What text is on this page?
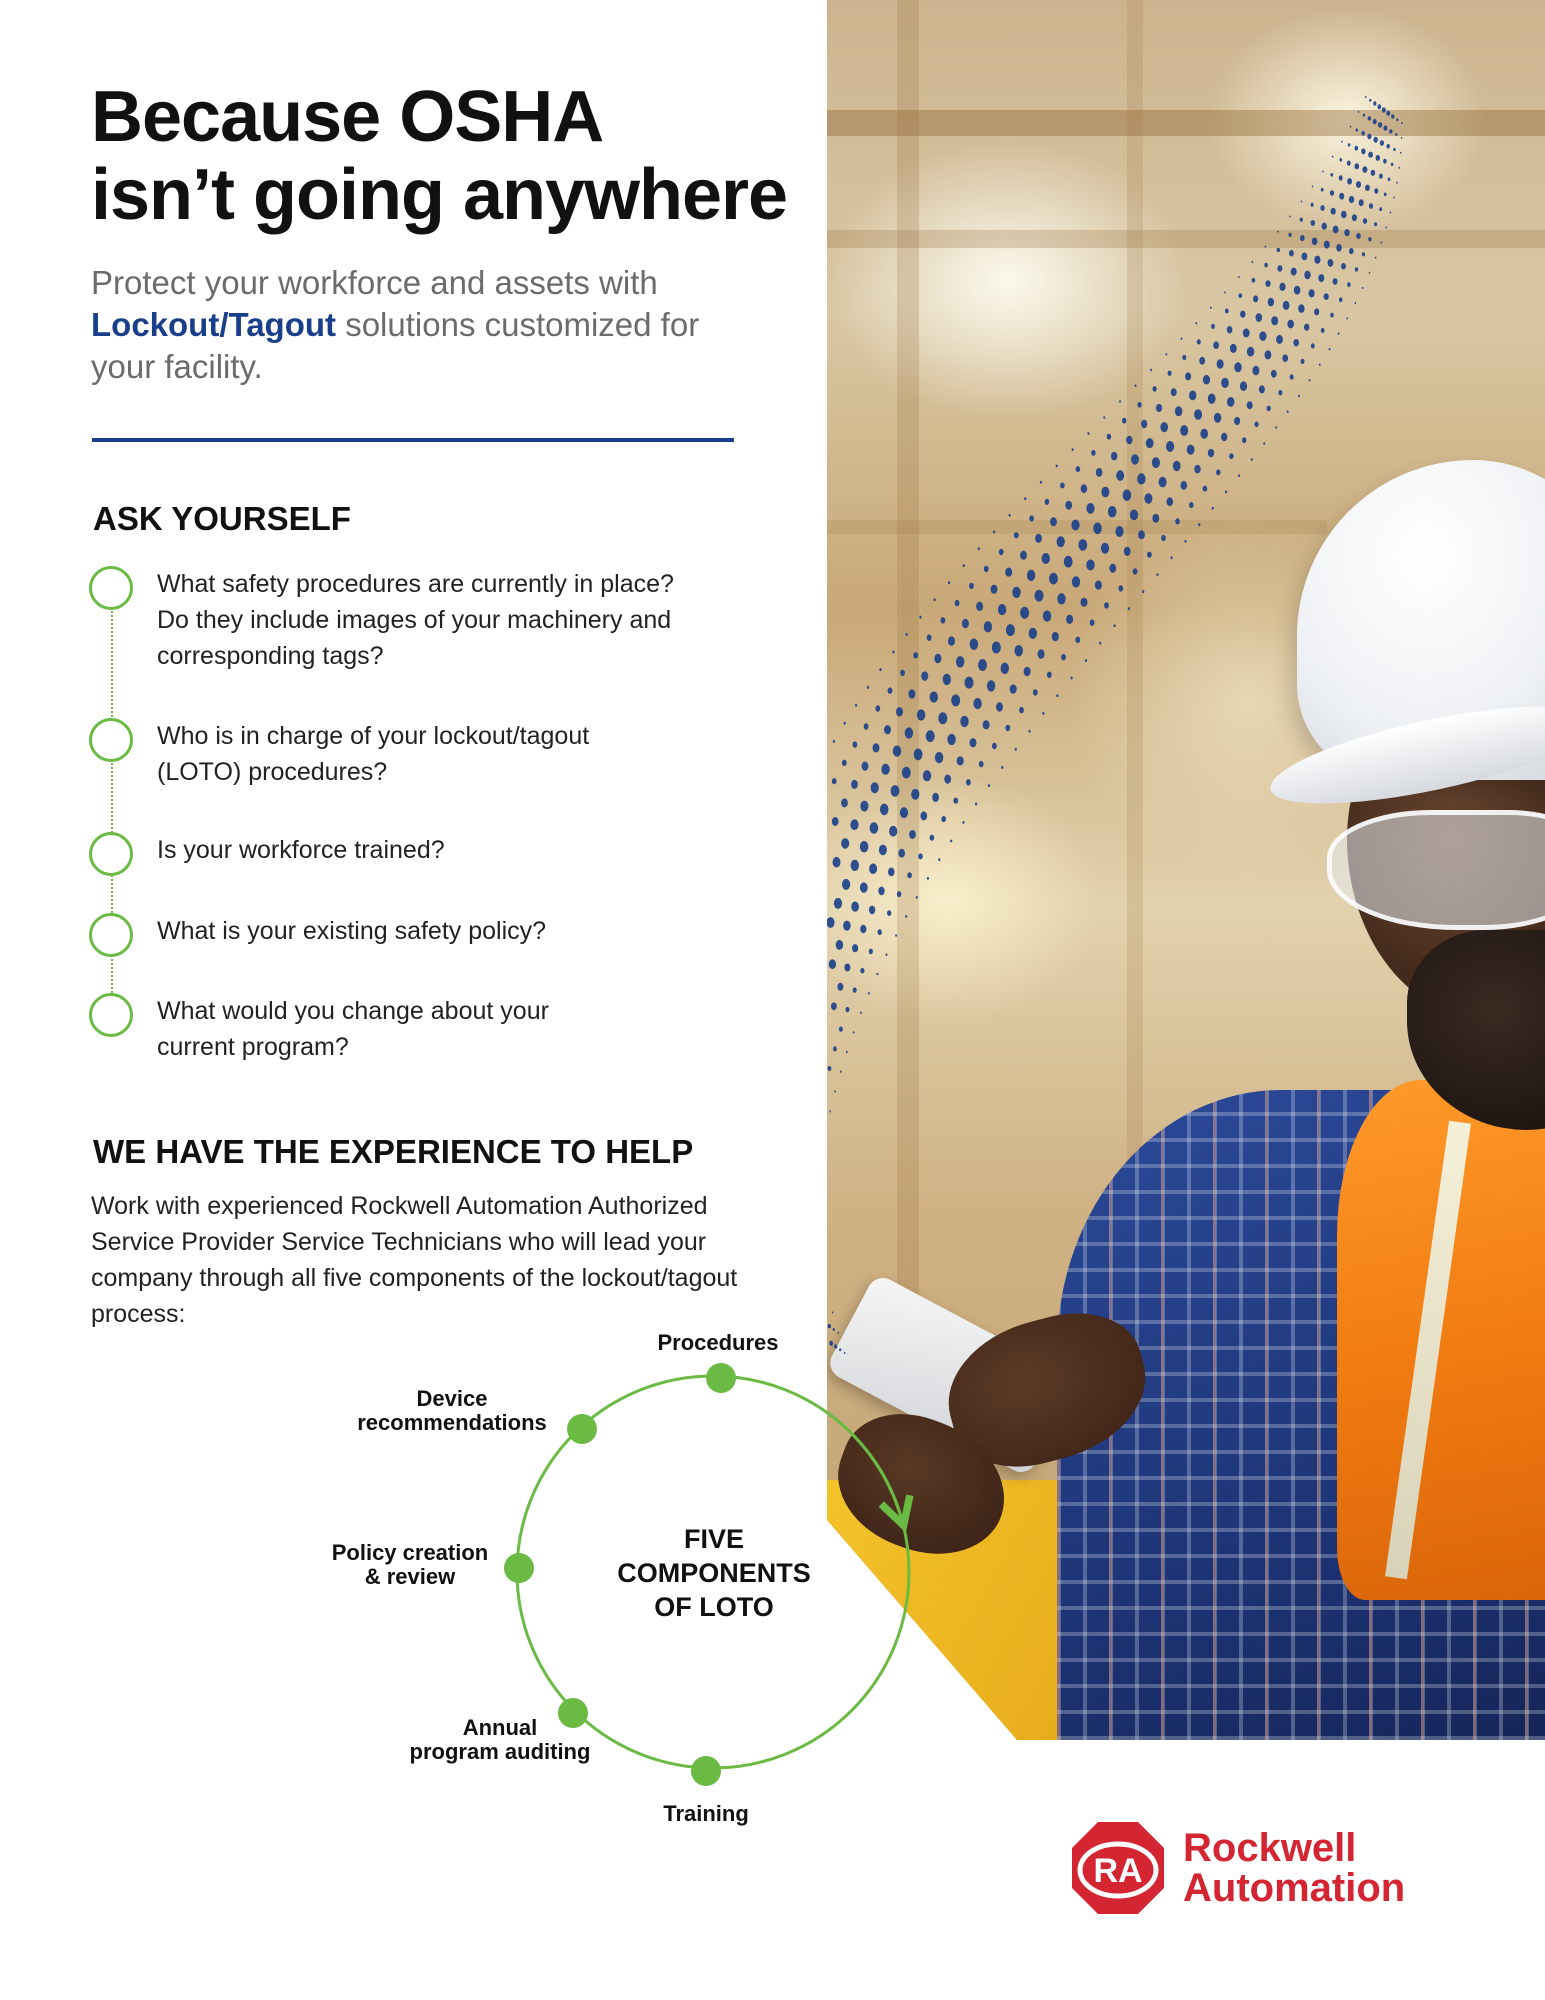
Because OSHA
isn’t going anywhere

Protect your workforce and assets with
Lockout/Tagout solutions customized for your facility.

ASK YOURSELF

What safety procedures are currently in place? Do they include images of your machinery and corresponding tags?

Who is in charge of your lockout/tagout (LOTO) procedures?

Is your workforce trained?

What is your existing safety policy?

What would you change about your current program?

WE HAVE THE EXPERIENCE TO HELP

Work with experienced Rockwell Automation Authorized Service Provider Service Technicians who will lead your company through all five components of the lockout/tagout process:

FIVE
COMPONENTS
OF LOTO
Procedures
Device
recommendations
Policy creation
& review
Annual
program auditing
Training
RA

Rockwell
Automation
